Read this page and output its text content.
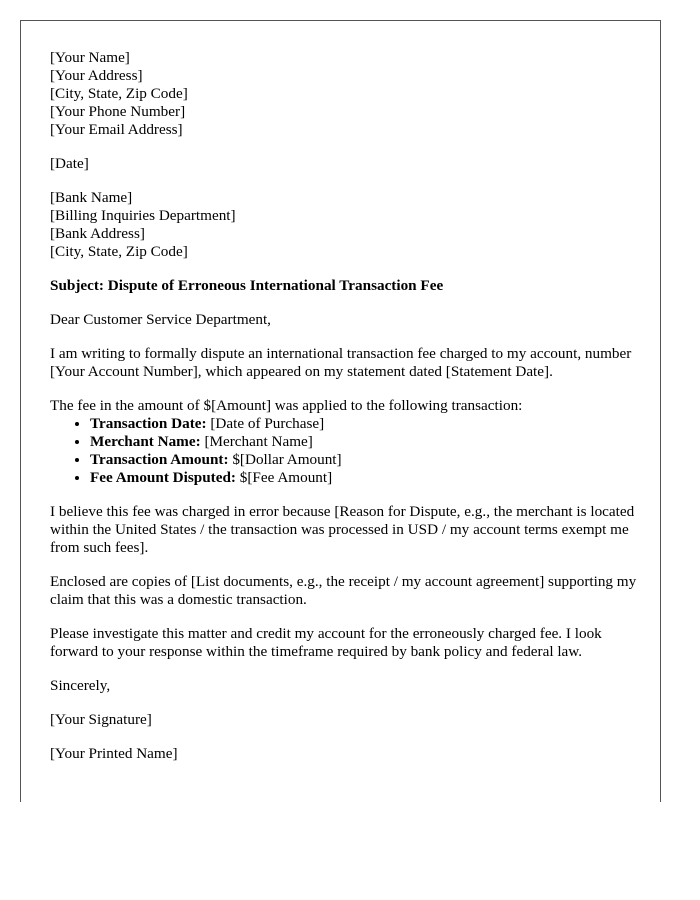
[Your Name]
[Your Address]
[City, State, Zip Code]
[Your Phone Number]
[Your Email Address]
[Date]
[Bank Name]
[Billing Inquiries Department]
[Bank Address]
[City, State, Zip Code]

Subject: Dispute of Erroneous International Transaction Fee

Dear Customer Service Department,

I am writing to formally dispute an international transaction fee charged to my account, number [Your Account Number], which appeared on my statement dated [Statement Date].

The fee in the amount of $[Amount] was applied to the following transaction:

• Transaction Date: [Date of Purchase]
• Merchant Name: [Merchant Name]
• Transaction Amount: $[Dollar Amount]
• Fee Amount Disputed: $[Fee Amount]

I believe this fee was charged in error because [Reason for Dispute, e.g., the merchant is located within the United States / the transaction was processed in USD / my account terms exempt me from such fees].

Enclosed are copies of [List documents, e.g., the receipt / my account agreement] supporting my claim that this was a domestic transaction.

Please investigate this matter and credit my account for the erroneously charged fee. I look forward to your response within the timeframe required by bank policy and federal law.

Sincerely,

[Your Signature]

[Your Printed Name]
